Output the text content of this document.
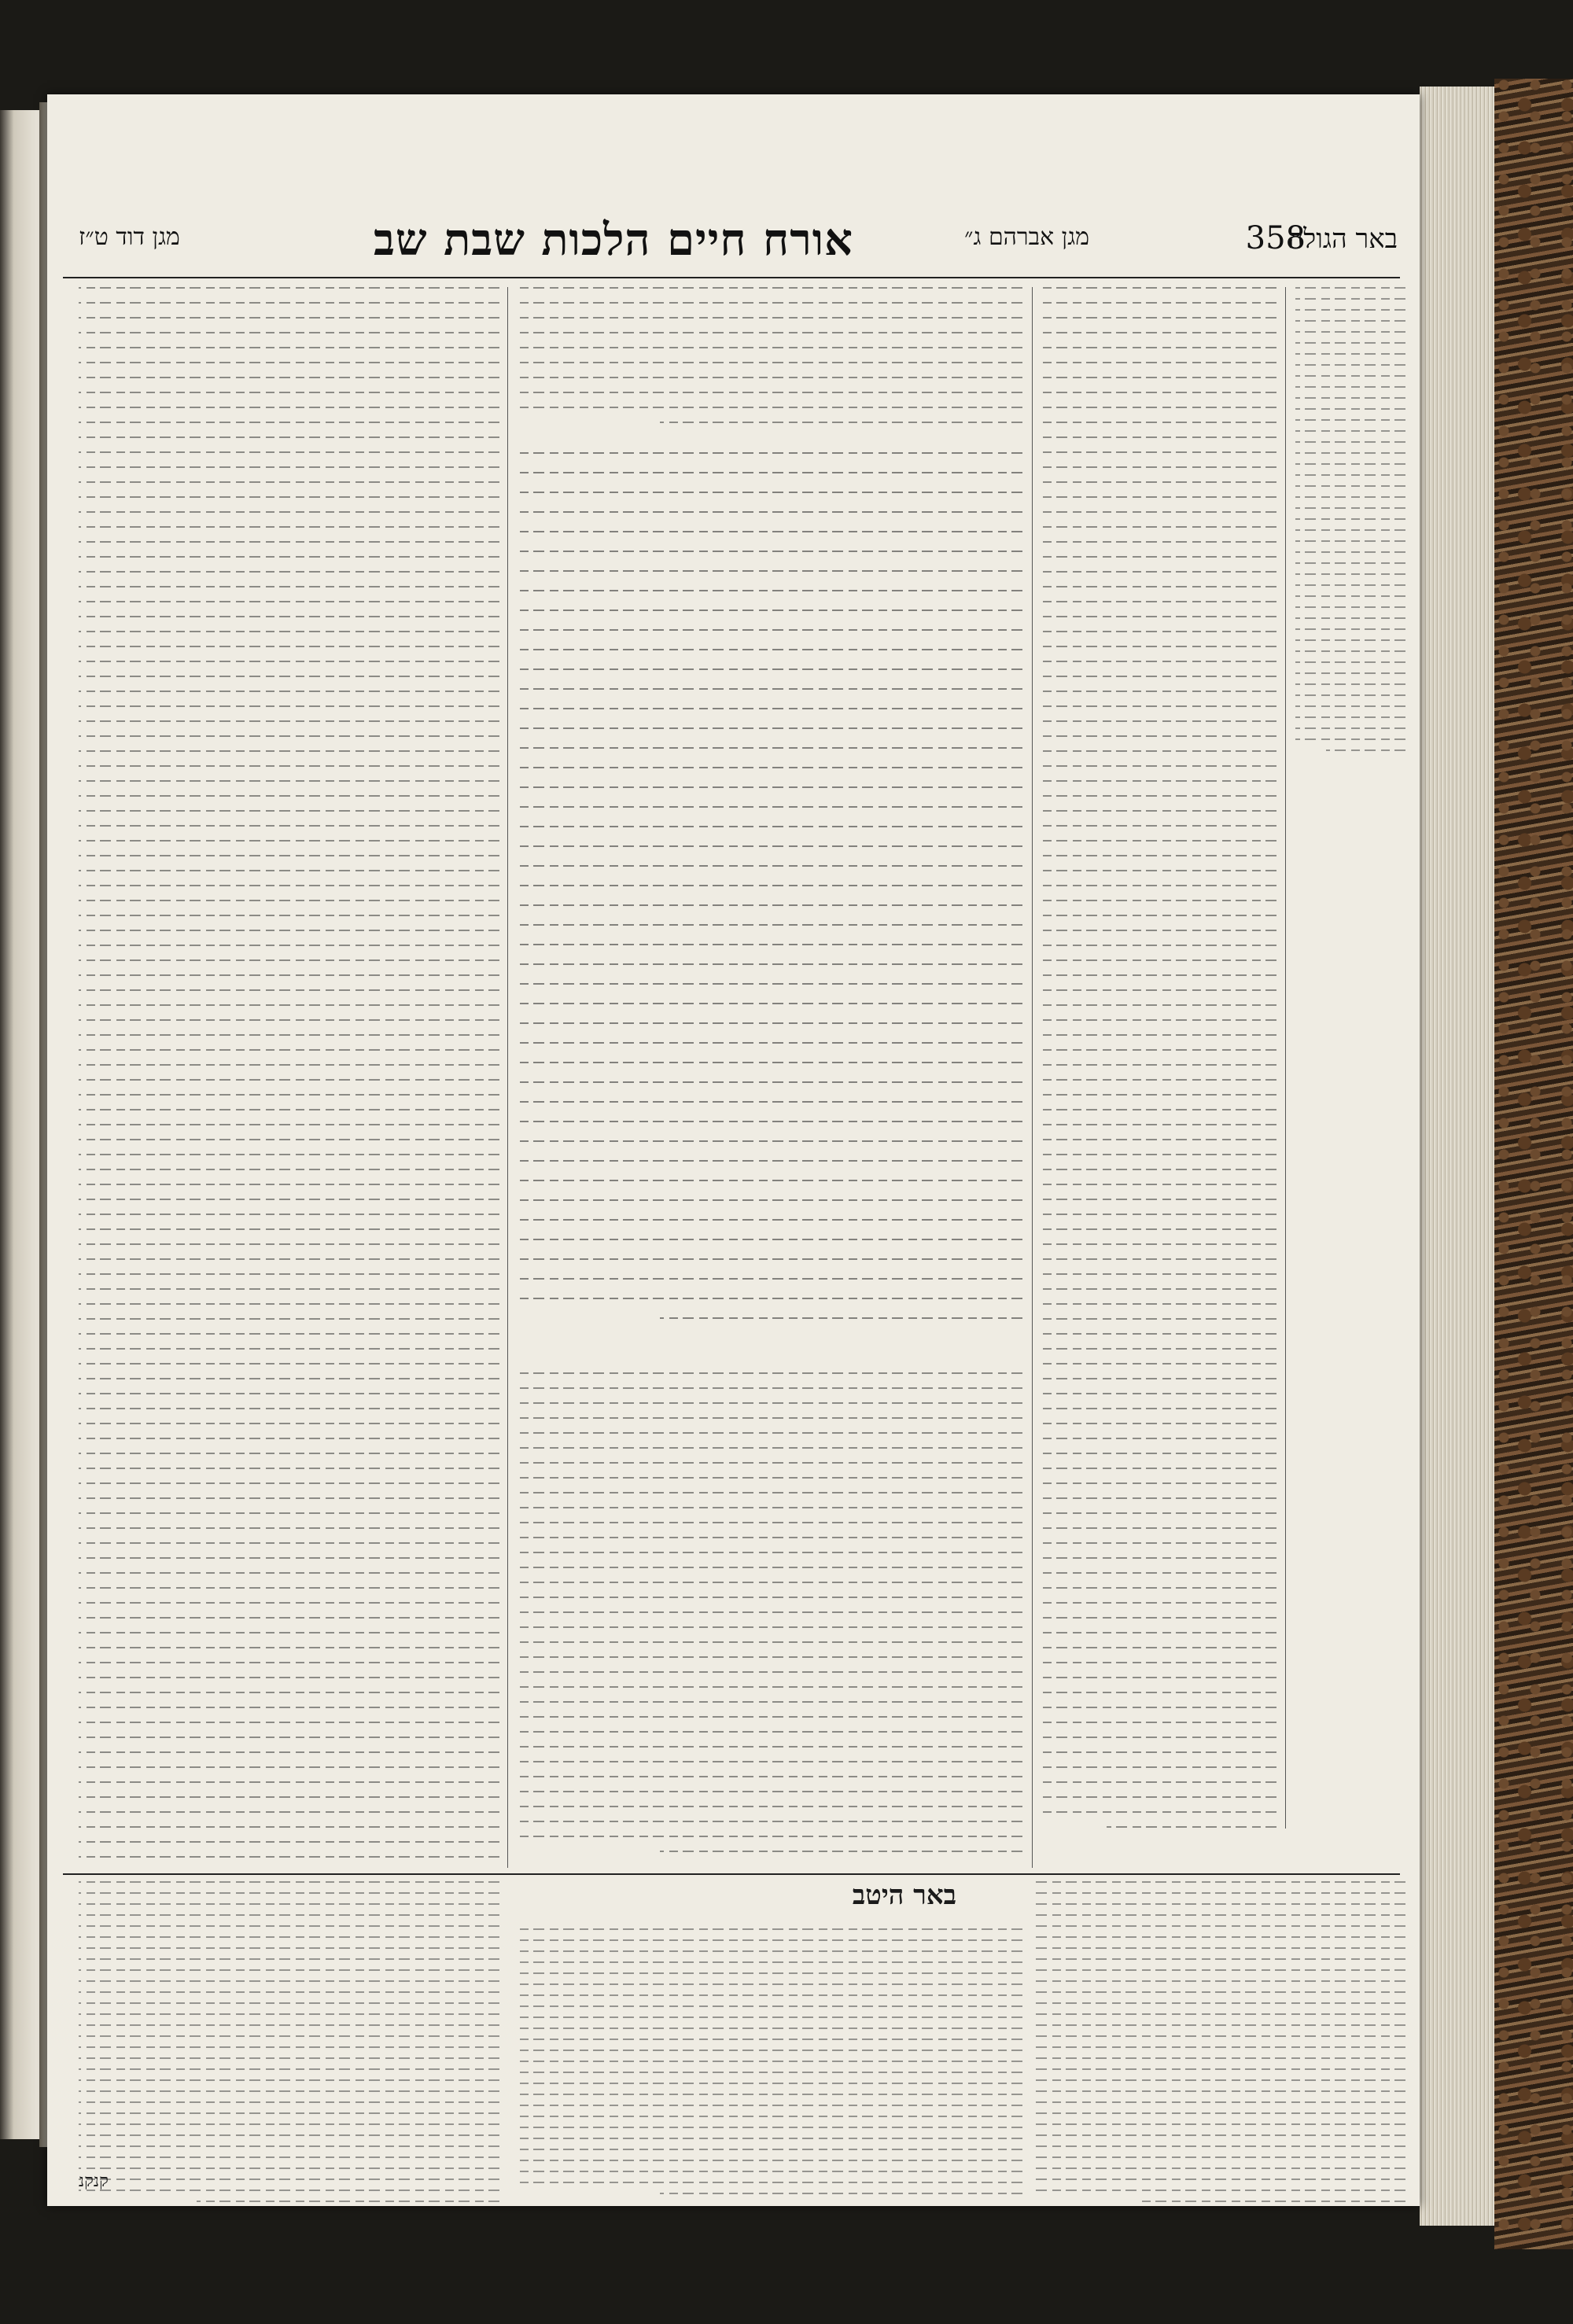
באר הגולה
358
מגן אברהם ג״
אורח חיים הלכות שבת שב
מגן דוד ט״ז
באר היטב
קנקנ
